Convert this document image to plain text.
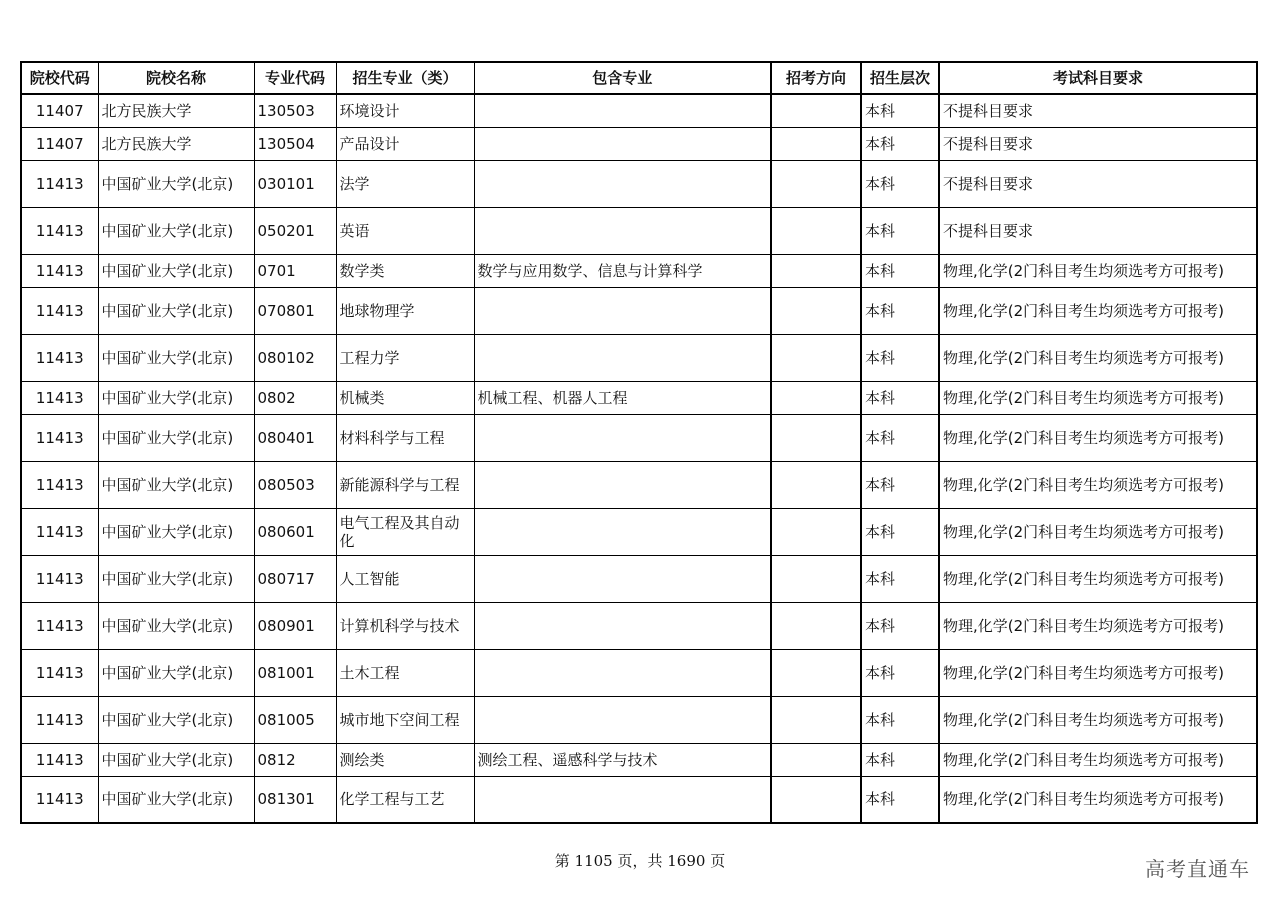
院校代码	院校名称	专业代码	招生专业（类）	包含专业	招考方向	招生层次	考试科目要求
11407	北方民族大学	130503	环境设计			本科	不提科目要求
11407	北方民族大学	130504	产品设计			本科	不提科目要求
11413	中国矿业大学(北京)	030101	法学			本科	不提科目要求
11413	中国矿业大学(北京)	050201	英语			本科	不提科目要求
11413	中国矿业大学(北京)	0701	数学类	数学与应用数学、信息与计算科学		本科	物理,化学(2门科目考生均须选考方可报考)
11413	中国矿业大学(北京)	070801	地球物理学			本科	物理,化学(2门科目考生均须选考方可报考)
11413	中国矿业大学(北京)	080102	工程力学			本科	物理,化学(2门科目考生均须选考方可报考)
11413	中国矿业大学(北京)	0802	机械类	机械工程、机器人工程		本科	物理,化学(2门科目考生均须选考方可报考)
11413	中国矿业大学(北京)	080401	材料科学与工程			本科	物理,化学(2门科目考生均须选考方可报考)
11413	中国矿业大学(北京)	080503	新能源科学与工程			本科	物理,化学(2门科目考生均须选考方可报考)
11413	中国矿业大学(北京)	080601	电气工程及其自动化			本科	物理,化学(2门科目考生均须选考方可报考)
11413	中国矿业大学(北京)	080717	人工智能			本科	物理,化学(2门科目考生均须选考方可报考)
11413	中国矿业大学(北京)	080901	计算机科学与技术			本科	物理,化学(2门科目考生均须选考方可报考)
11413	中国矿业大学(北京)	081001	土木工程			本科	物理,化学(2门科目考生均须选考方可报考)
11413	中国矿业大学(北京)	081005	城市地下空间工程			本科	物理,化学(2门科目考生均须选考方可报考)
11413	中国矿业大学(北京)	0812	测绘类	测绘工程、遥感科学与技术		本科	物理,化学(2门科目考生均须选考方可报考)
11413	中国矿业大学(北京)	081301	化学工程与工艺			本科	物理,化学(2门科目考生均须选考方可报考)
第 1105 页，共 1690 页	高考直通车
